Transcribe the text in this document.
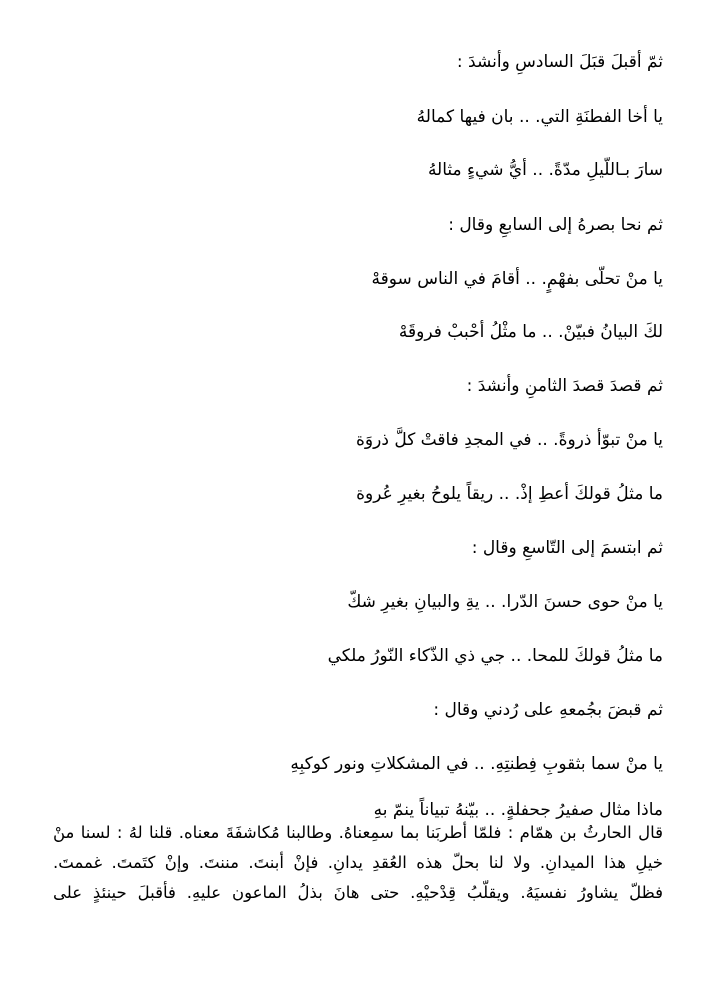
ثمّ أقبلَ قبَلَ السادسِ وأنشدَ :

يا أخا الفطنَةِ التي. .. بان فيها كمالهُ

سارَ بـاللّيلِ مدّةً. .. أيُّ شيءٍ مثالهُ

ثم نحا بصرهُ إلى السابعِ وقال :

يا منْ تحلّى بفهْمٍ. .. أقامَ في الناس سوقهْ

لكَ البيانُ فبيّنْ. .. ما مثْلُ أحْببْ فروقَهْ

ثم قصدَ قصدَ الثامنِ وأنشدَ :

يا منْ تبوّأ ذروةً. .. في المجدِ فاقتْ كلَّ ذروَة

ما مثلُ قولكَ أعطِ إذْ. .. ريقاً يلوحُ بغيرِ عُروة

ثم ابتسمَ إلى التّاسعِ وقال :

يا منْ حوى حسنَ الدّرا. .. يةِ والبيانِ بغيرِ شكّ

ما مثلُ قولكَ للمحا. .. جي ذي الذّكاء النّورُ ملكي

ثم قبضَ بجُمعهِ على رُدني وقال :

يا منْ سما بثقوبِ فِطنتِهِ. .. في المشكلاتِ ونور كوكبِهِ

ماذا مثال صفيرُ جحفلةٍ. .. بيّنهُ تبياناً ينمّ بهِ

قال الحارثُ بن همّام : فلمّا أطربَنا بما سمِعناهُ. وطالبنا مُكاشفَةَ معناه. قلنا لهُ : لسنا منْ
خيلِ هذا الميدانِ. ولا لنا بحلّ هذه العُقدِ يدانِ. فإنْ أبنتَ. مننتَ. وإنْ كتَمتَ. غممتَ.
فظلّ يشاورُ نفسيَهُ. ويقلّبُ قِدْحيْهِ. حتى هانَ بذلُ الماعون عليهِ. فأقبلَ حينئذٍ على
